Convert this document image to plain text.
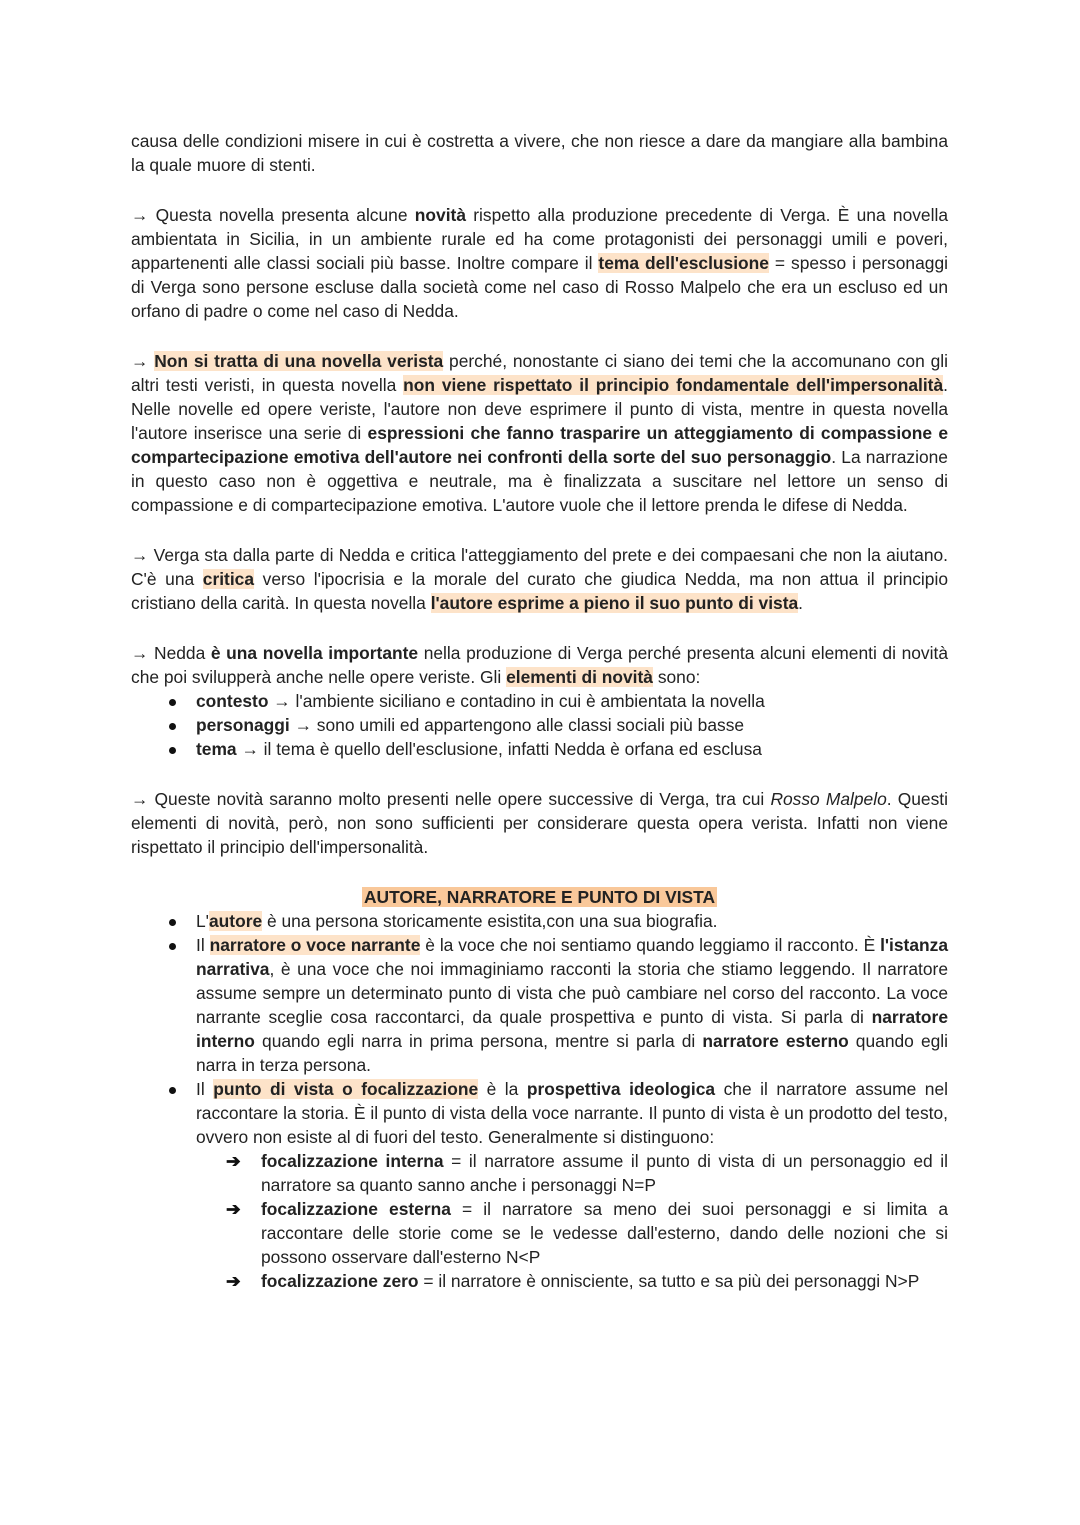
causa delle condizioni misere in cui è costretta a vivere, che non riesce a dare da mangiare alla bambina la quale muore di stenti.

→ Questa novella presenta alcune novità rispetto alla produzione precedente di Verga. È una novella ambientata in Sicilia, in un ambiente rurale ed ha come protagonisti dei personaggi umili e poveri, appartenenti alle classi sociali più basse. Inoltre compare il tema dell'esclusione = spesso i personaggi di Verga sono persone escluse dalla società come nel caso di Rosso Malpelo che era un escluso ed un orfano di padre o come nel caso di Nedda.

→ Non si tratta di una novella verista perché, nonostante ci siano dei temi che la accomunano con gli altri testi veristi, in questa novella non viene rispettato il principio fondamentale dell'impersonalità. Nelle novelle ed opere veriste, l'autore non deve esprimere il punto di vista, mentre in questa novella l'autore inserisce una serie di espressioni che fanno trasparire un atteggiamento di compassione e compartecipazione emotiva dell'autore nei confronti della sorte del suo personaggio. La narrazione in questo caso non è oggettiva e neutrale, ma è finalizzata a suscitare nel lettore un senso di compassione e di compartecipazione emotiva. L'autore vuole che il lettore prenda le difese di Nedda.

→ Verga sta dalla parte di Nedda e critica l'atteggiamento del prete e dei compaesani che non la aiutano. C'è una critica verso l'ipocrisia e la morale del curato che giudica Nedda, ma non attua il principio cristiano della carità. In questa novella l'autore esprime a pieno il suo punto di vista.

→ Nedda è una novella importante nella produzione di Verga perché presenta alcuni elementi di novità che poi svilupperà anche nelle opere veriste. Gli elementi di novità sono:

contesto → l'ambiente siciliano e contadino in cui è ambientata la novella
personaggi → sono umili ed appartengono alle classi sociali più basse
tema → il tema è quello dell'esclusione, infatti Nedda è orfana ed esclusa

→ Queste novità saranno molto presenti nelle opere successive di Verga, tra cui Rosso Malpelo. Questi elementi di novità, però, non sono sufficienti per considerare questa opera verista. Infatti non viene rispettato il principio dell'impersonalità.

AUTORE, NARRATORE E PUNTO DI VISTA
L'autore è una persona storicamente esistita,con una sua biografia.
Il narratore o voce narrante è la voce che noi sentiamo quando leggiamo il racconto. È l'istanza narrativa, è una voce che noi immaginiamo racconti la storia che stiamo leggendo. Il narratore assume sempre un determinato punto di vista che può cambiare nel corso del racconto. La voce narrante sceglie cosa raccontarci, da quale prospettiva e punto di vista. Si parla di narratore interno quando egli narra in prima persona, mentre si parla di narratore esterno quando egli narra in terza persona.
Il punto di vista o focalizzazione è la prospettiva ideologica che il narratore assume nel raccontare la storia. È il punto di vista della voce narrante. Il punto di vista è un prodotto del testo, ovvero non esiste al di fuori del testo. Generalmente si distinguono:
➔ focalizzazione interna = il narratore assume il punto di vista di un personaggio ed il narratore sa quanto sanno anche i personaggi N=P
➔ focalizzazione esterna = il narratore sa meno dei suoi personaggi e si limita a raccontare delle storie come se le vedesse dall'esterno, dando delle nozioni che si possono osservare dall'esterno N<P
➔ focalizzazione zero = il narratore è onnisciente, sa tutto e sa più dei personaggi N>P
